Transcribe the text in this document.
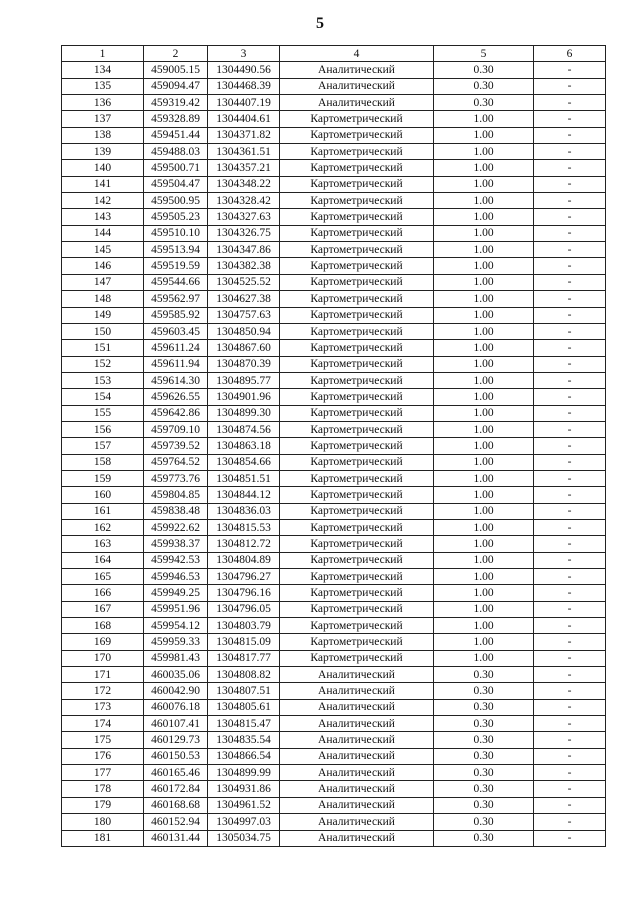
5
1	2	3	4	5	6
134	459005.15	1304490.56	Аналитический	0.30	-
135	459094.47	1304468.39	Аналитический	0.30	-
136	459319.42	1304407.19	Аналитический	0.30	-
137	459328.89	1304404.61	Картометрический	1.00	-
138	459451.44	1304371.82	Картометрический	1.00	-
139	459488.03	1304361.51	Картометрический	1.00	-
140	459500.71	1304357.21	Картометрический	1.00	-
141	459504.47	1304348.22	Картометрический	1.00	-
142	459500.95	1304328.42	Картометрический	1.00	-
143	459505.23	1304327.63	Картометрический	1.00	-
144	459510.10	1304326.75	Картометрический	1.00	-
145	459513.94	1304347.86	Картометрический	1.00	-
146	459519.59	1304382.38	Картометрический	1.00	-
147	459544.66	1304525.52	Картометрический	1.00	-
148	459562.97	1304627.38	Картометрический	1.00	-
149	459585.92	1304757.63	Картометрический	1.00	-
150	459603.45	1304850.94	Картометрический	1.00	-
151	459611.24	1304867.60	Картометрический	1.00	-
152	459611.94	1304870.39	Картометрический	1.00	-
153	459614.30	1304895.77	Картометрический	1.00	-
154	459626.55	1304901.96	Картометрический	1.00	-
155	459642.86	1304899.30	Картометрический	1.00	-
156	459709.10	1304874.56	Картометрический	1.00	-
157	459739.52	1304863.18	Картометрический	1.00	-
158	459764.52	1304854.66	Картометрический	1.00	-
159	459773.76	1304851.51	Картометрический	1.00	-
160	459804.85	1304844.12	Картометрический	1.00	-
161	459838.48	1304836.03	Картометрический	1.00	-
162	459922.62	1304815.53	Картометрический	1.00	-
163	459938.37	1304812.72	Картометрический	1.00	-
164	459942.53	1304804.89	Картометрический	1.00	-
165	459946.53	1304796.27	Картометрический	1.00	-
166	459949.25	1304796.16	Картометрический	1.00	-
167	459951.96	1304796.05	Картометрический	1.00	-
168	459954.12	1304803.79	Картометрический	1.00	-
169	459959.33	1304815.09	Картометрический	1.00	-
170	459981.43	1304817.77	Картометрический	1.00	-
171	460035.06	1304808.82	Аналитический	0.30	-
172	460042.90	1304807.51	Аналитический	0.30	-
173	460076.18	1304805.61	Аналитический	0.30	-
174	460107.41	1304815.47	Аналитический	0.30	-
175	460129.73	1304835.54	Аналитический	0.30	-
176	460150.53	1304866.54	Аналитический	0.30	-
177	460165.46	1304899.99	Аналитический	0.30	-
178	460172.84	1304931.86	Аналитический	0.30	-
179	460168.68	1304961.52	Аналитический	0.30	-
180	460152.94	1304997.03	Аналитический	0.30	-
181	460131.44	1305034.75	Аналитический	0.30	-
